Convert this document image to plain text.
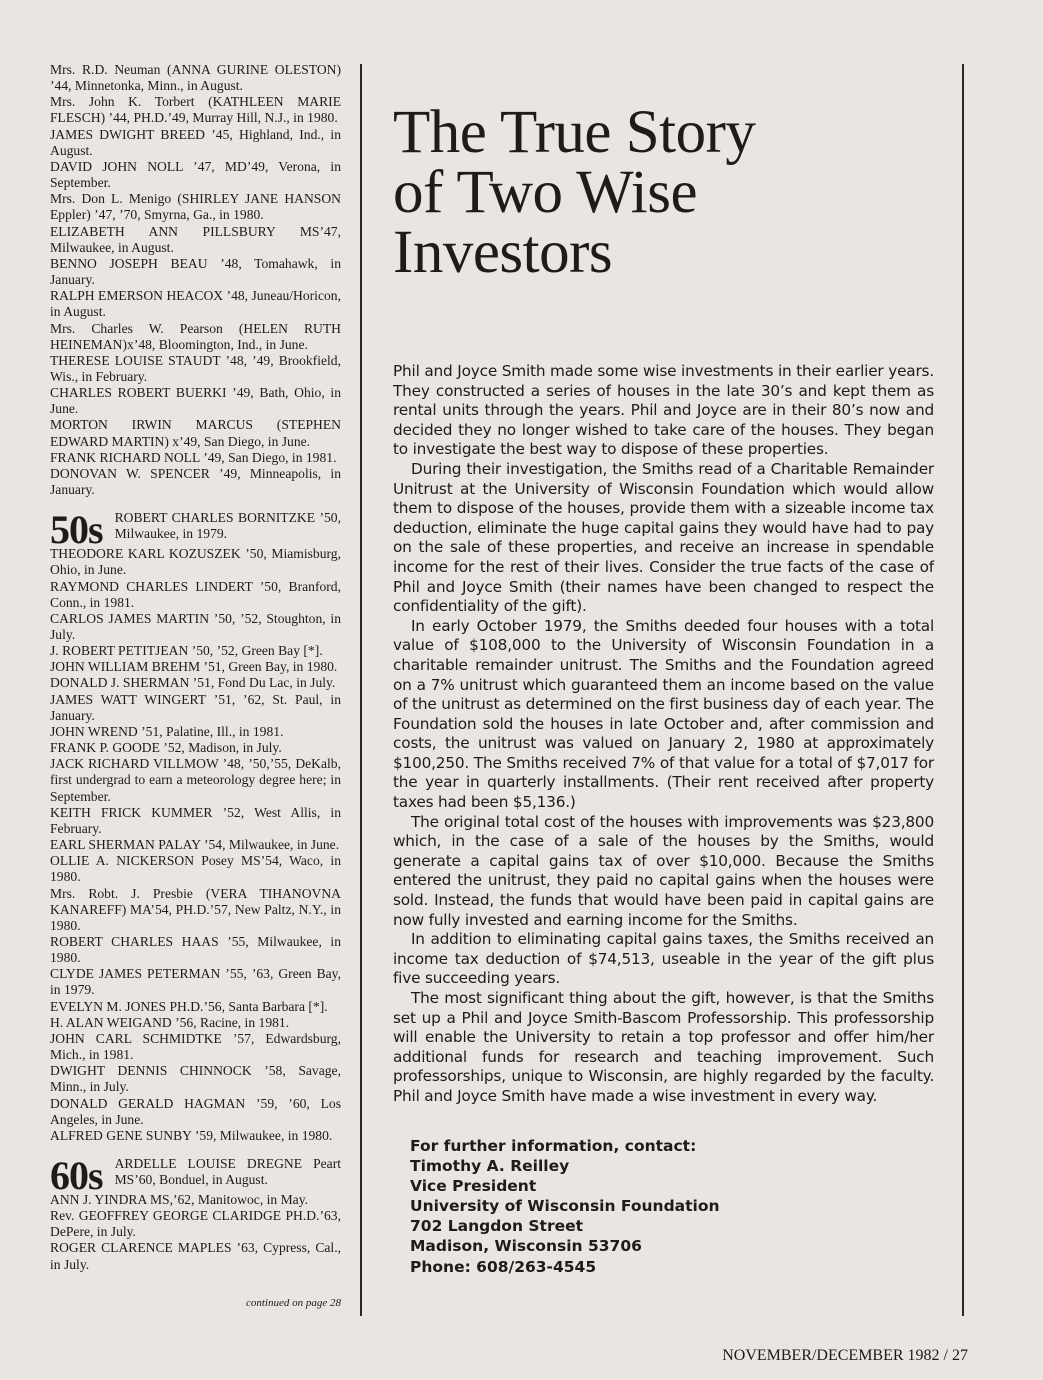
Mrs. R.D. Neuman (ANNA GURINE OLESTON) ’44, Minnetonka, Minn., in August.

Mrs. John K. Torbert (KATHLEEN MARIE FLESCH) ’44, PH.D.’49, Murray Hill, N.J., in 1980.

JAMES DWIGHT BREED ’45, Highland, Ind., in August.

DAVID JOHN NOLL ’47, MD’49, Verona, in September.

Mrs. Don L. Menigo (SHIRLEY JANE HANSON Eppler) ’47, ’70, Smyrna, Ga., in 1980.

ELIZABETH ANN PILLSBURY MS’47, Milwaukee, in August.

BENNO JOSEPH BEAU ’48, Tomahawk, in January.

RALPH EMERSON HEACOX ’48, Juneau/Horicon, in August.

Mrs. Charles W. Pearson (HELEN RUTH HEINEMAN)x’48, Bloomington, Ind., in June.

THERESE LOUISE STAUDT ’48, ’49, Brookfield, Wis., in February.

CHARLES ROBERT BUERKI ’49, Bath, Ohio, in June.

MORTON IRWIN MARCUS (STEPHEN EDWARD MARTIN) x’49, San Diego, in June.

FRANK RICHARD NOLL ’49, San Diego, in 1981.

DONOVAN W. SPENCER ’49, Minneapolis, in January.

50s ROBERT CHARLES BORNITZKE ’50, Milwaukee, in 1979.

THEODORE KARL KOZUSZEK ’50, Miamisburg, Ohio, in June.

RAYMOND CHARLES LINDERT ’50, Branford, Conn., in 1981.

CARLOS JAMES MARTIN ’50, ’52, Stoughton, in July.

J. ROBERT PETITJEAN ’50, ’52, Green Bay [*].

JOHN WILLIAM BREHM ’51, Green Bay, in 1980.

DONALD J. SHERMAN ’51, Fond Du Lac, in July.

JAMES WATT WINGERT ’51, ’62, St. Paul, in January.

JOHN WREND ’51, Palatine, Ill., in 1981.

FRANK P. GOODE ’52, Madison, in July.

JACK RICHARD VILLMOW ’48, ’50,’55, DeKalb, first undergrad to earn a meteorology degree here; in September.

KEITH FRICK KUMMER ’52, West Allis, in February.

EARL SHERMAN PALAY ’54, Milwaukee, in June.

OLLIE A. NICKERSON Posey MS’54, Waco, in 1980.

Mrs. Robt. J. Presbie (VERA TIHANOVNA KANAREFF) MA’54, PH.D.’57, New Paltz, N.Y., in 1980.

ROBERT CHARLES HAAS ’55, Milwaukee, in 1980.

CLYDE JAMES PETERMAN ’55, ’63, Green Bay, in 1979.

EVELYN M. JONES PH.D.’56, Santa Barbara [*].

H. ALAN WEIGAND ’56, Racine, in 1981.

JOHN CARL SCHMIDTKE ’57, Edwardsburg, Mich., in 1981.

DWIGHT DENNIS CHINNOCK ’58, Savage, Minn., in July.

DONALD GERALD HAGMAN ’59, ’60, Los Angeles, in June.

ALFRED GENE SUNBY ’59, Milwaukee, in 1980.

60s ARDELLE LOUISE DREGNE Peart MS’60, Bonduel, in August.

ANN J. YINDRA MS,’62, Manitowoc, in May.

Rev. GEOFFREY GEORGE CLARIDGE PH.D.’63, DePere, in July.

ROGER CLARENCE MAPLES ’63, Cypress, Cal., in July.

continued on page 28
The True Story
of Two Wise
Investors

Phil and Joyce Smith made some wise investments in their earlier years. They constructed a series of houses in the late 30’s and kept them as rental units through the years. Phil and Joyce are in their 80’s now and decided they no longer wished to take care of the houses. They began to investigate the best way to dispose of these properties.

During their investigation, the Smiths read of a Charitable Remainder Unitrust at the University of Wisconsin Foundation which would allow them to dispose of the houses, provide them with a sizeable income tax deduction, eliminate the huge capital gains they would have had to pay on the sale of these properties, and receive an increase in spendable income for the rest of their lives. Consider the true facts of the case of Phil and Joyce Smith (their names have been changed to respect the confidentiality of the gift).

In early October 1979, the Smiths deeded four houses with a total value of $108,000 to the University of Wisconsin Foundation in a charitable remainder unitrust. The Smiths and the Foundation agreed on a 7% unitrust which guaranteed them an income based on the value of the unitrust as determined on the first business day of each year. The Foundation sold the houses in late October and, after commission and costs, the unitrust was valued on January 2, 1980 at approximately $100,250. The Smiths received 7% of that value for a total of $7,017 for the year in quarterly installments. (Their rent received after property taxes had been $5,136.)

The original total cost of the houses with improvements was $23,800 which, in the case of a sale of the houses by the Smiths, would generate a capital gains tax of over $10,000. Because the Smiths entered the unitrust, they paid no capital gains when the houses were sold. Instead, the funds that would have been paid in capital gains are now fully invested and earning income for the Smiths.

In addition to eliminating capital gains taxes, the Smiths received an income tax deduction of $74,513, useable in the year of the gift plus five succeeding years.

The most significant thing about the gift, however, is that the Smiths set up a Phil and Joyce Smith-Bascom Professorship. This professorship will enable the University to retain a top professor and offer him/her additional funds for research and teaching improvement. Such professorships, unique to Wisconsin, are highly regarded by the faculty. Phil and Joyce Smith have made a wise investment in every way.

For further information, contact:
Timothy A. Reilley
Vice President
University of Wisconsin Foundation
702 Langdon Street
Madison, Wisconsin 53706
Phone: 608/263-4545
NOVEMBER/DECEMBER 1982 / 27
